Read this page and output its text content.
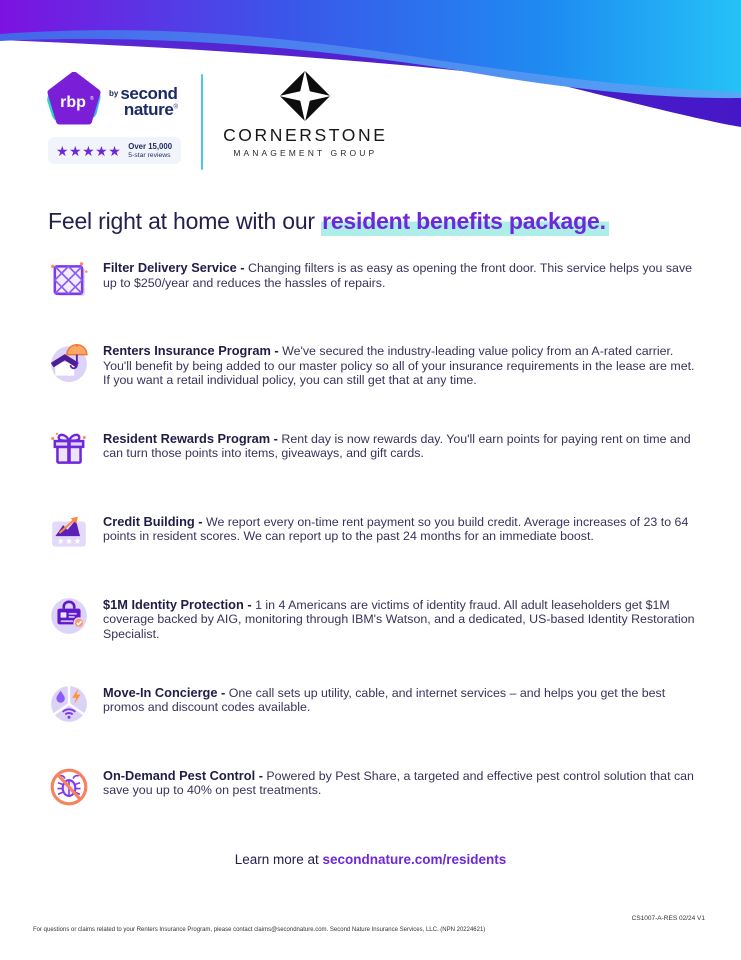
rbp ®
by second
nature®
★★★★★ Over 15,000
5-star reviews
CORNERSTONE
MANAGEMENT GROUP
Feel right at home with our resident benefits package.

Filter Delivery Service - Changing filters is as easy as opening the front door. This service helps you save up to $250/year and reduces the hassles of repairs.

Renters Insurance Program - We've secured the industry-leading value policy from an A-rated carrier. You'll benefit by being added to our master policy so all of your insurance requirements in the lease are met. If you want a retail individual policy, you can still get that at any time.

Resident Rewards Program - Rent day is now rewards day. You'll earn points for paying rent on time and can turn those points into items, giveaways, and gift cards.

★ ★ ★

Credit Building - We report every on-time rent payment so you build credit. Average increases of 23 to 64 points in resident scores. We can report up to the past 24 months for an immediate boost.

$1M Identity Protection - 1 in 4 Americans are victims of identity fraud. All adult leaseholders get $1M coverage backed by AIG, monitoring through IBM's Watson, and a dedicated, US-based Identity Restoration Specialist.

Move-In Concierge - One call sets up utility, cable, and internet services – and helps you get the best promos and discount codes available.

On-Demand Pest Control - Powered by Pest Share, a targeted and effective pest control solution that can save you up to 40% on pest treatments.

Learn more at secondnature.com/residents
CS1007-A-RES 02/24 V1
For questions or claims related to your Renters Insurance Program, please contact claims@secondnature.com. Second Nature Insurance Services, LLC. (NPN 20224621)
